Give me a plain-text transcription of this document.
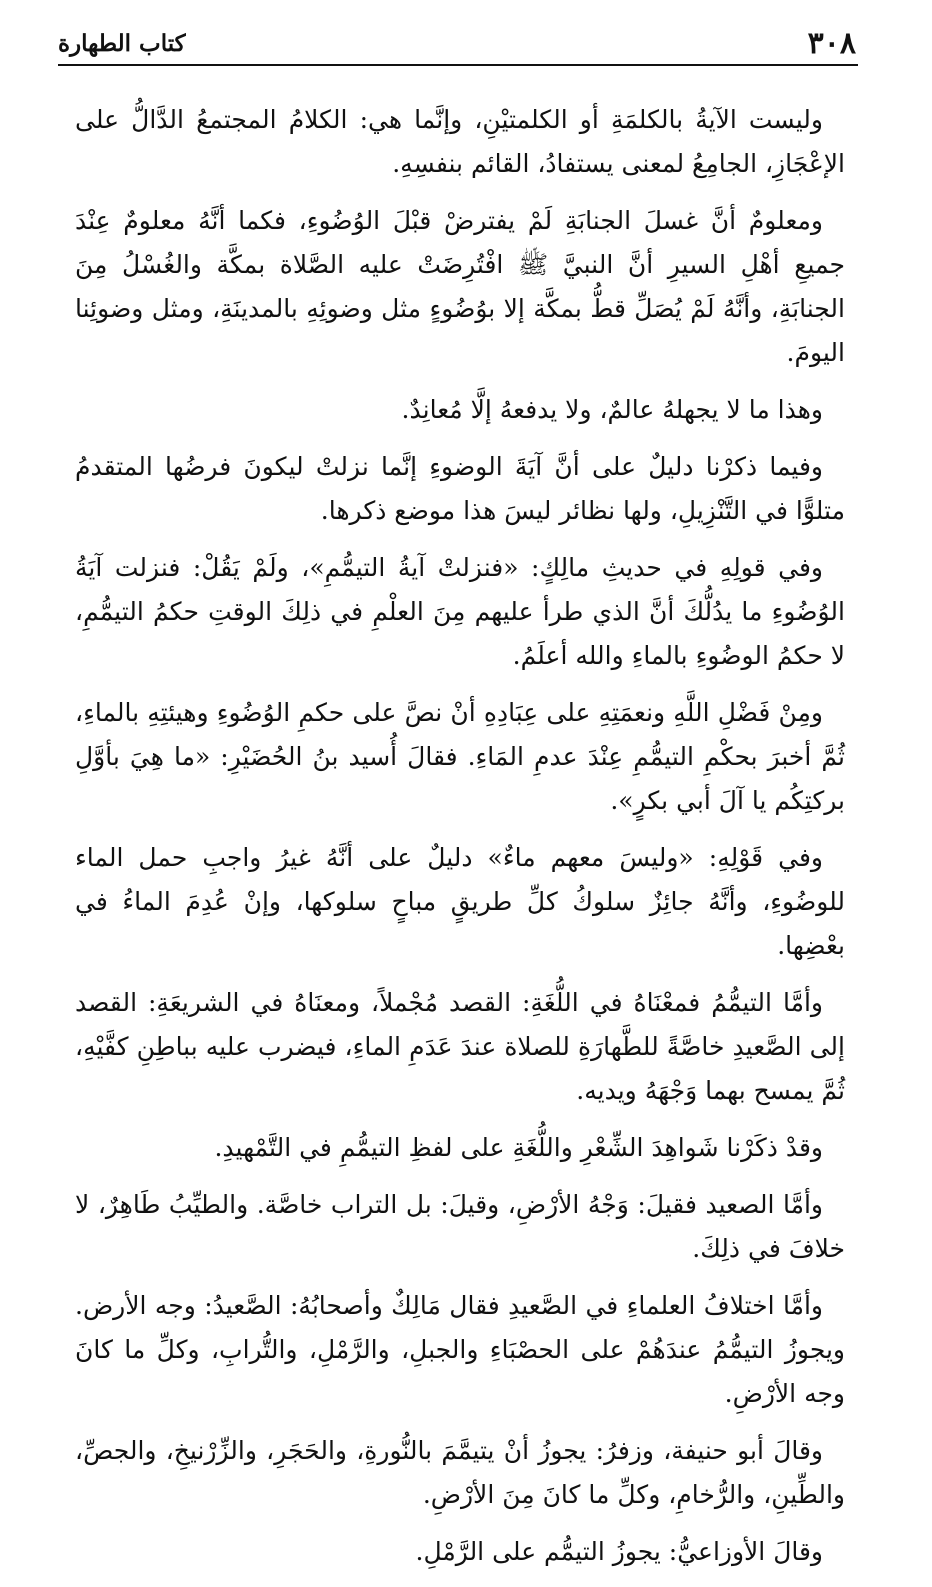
٣٠٨
كتاب الطهارة

وليست الآيةُ بالكلمَةِ أو الكلمتيْنِ، وإنَّما هي: الكلامُ المجتمعُ الدَّالُّ على الإعْجَازِ، الجامِعُ لمعنى يستفادُ، القائم بنفسِهِ.

ومعلومٌ أنَّ غسلَ الجنابَةِ لَمْ يفترضْ قبْلَ الوُضُوءِ، فكما أنَّهُ معلومٌ عِنْدَ جميعِ أهْلِ السيرِ أنَّ النبيَّ ﷺ افْتُرِضَتْ عليه الصَّلاة بمكَّة والغُسْلُ مِنَ الجنابَةِ، وأنَّهُ لَمْ يُصَلِّ قطُّ بمكَّة إلا بوُضُوءٍ مثل وضوئِهِ بالمدينَةِ، ومثل وضوئِنا اليومَ.

وهذا ما لا يجهلهُ عالمٌ، ولا يدفعهُ إلَّا مُعانِدٌ.

وفيما ذكرْنا دليلٌ على أنَّ آيَةَ الوضوءِ إنَّما نزلتْ ليكونَ فرضُها المتقدمُ متلوًّا في التَّنْزِيلِ، ولها نظائر ليسَ هذا موضع ذكرها.

وفي قولِهِ في حديثِ مالِكٍ: «فنزلتْ آيةُ التيمُّمِ»، ولَمْ يَقُلْ: فنزلت آيَةُ الوُضُوءِ ما يدُلُّكَ أنَّ الذي طرأ عليهم مِنَ العلْمِ في ذلِكَ الوقتِ حكمُ التيمُّمِ، لا حكمُ الوضُوءِ بالماءِ والله أعلَمُ.

ومِنْ فَضْلِ اللَّهِ ونعمَتِهِ على عِبَادِهِ أنْ نصَّ على حكمِ الوُضُوءِ وهيئتِهِ بالماءِ، ثُمَّ أخبرَ بحكْمِ التيمُّمِ عِنْدَ عدمِ المَاءِ. فقالَ أُسيد بنُ الحُضَيْرِ: «ما هِيَ بأوَّلِ بركتِكُم يا آلَ أبي بكرٍ».

وفي قَوْلِهِ: «وليسَ معهم ماءٌ» دليلٌ على أنَّهُ غيرُ واجبِ حمل الماء للوضُوءِ، وأنَّهُ جائِزٌ سلوكُ كلِّ طريقٍ مباحٍ سلوكها، وإنْ عُدِمَ الماءُ في بعْضِها.

وأمَّا التيمُّمُ فمعْنَاهُ في اللُّغَةِ: القصد مُجْملاً، ومعنَاهُ في الشريعَةِ: القصد إلى الصَّعيدِ خاصَّةً للطَّهارَةِ للصلاة عندَ عَدَمِ الماءِ، فيضرب عليه بباطِنِ كفَّيْهِ، ثُمَّ يمسح بهما وَجْهَهُ ويديه.

وقدْ ذكَرْنا شَواهِدَ الشِّعْرِ واللُّغَةِ على لفظِ التيمُّمِ في التَّمْهيدِ.

وأمَّا الصعيد فقيلَ: وَجْهُ الأرْضِ، وقيلَ: بل التراب خاصَّة. والطيِّبُ طَاهِرٌ، لا خلافَ في ذلِكَ.

وأمَّا اختلافُ العلماءِ في الصَّعيدِ فقال مَالِكٌ وأصحابُهُ: الصَّعيدُ: وجه الأرض. ويجوزُ التيمُّمُ عندَهُمْ على الحصْبَاءِ والجبلِ، والرَّمْلِ، والتُّرابِ، وكلِّ ما كانَ وجه الأرْضِ.

وقالَ أبو حنيفة، وزفرُ: يجوزُ أنْ يتيمَّمَ بالنُّورةِ، والحَجَرِ، والزِّرْنيخِ، والجصِّ، والطِّينِ، والرُّخامِ، وكلِّ ما كانَ مِنَ الأرْضِ.

وقالَ الأوزاعيُّ: يجوزُ التيمُّم على الرَّمْلِ.
